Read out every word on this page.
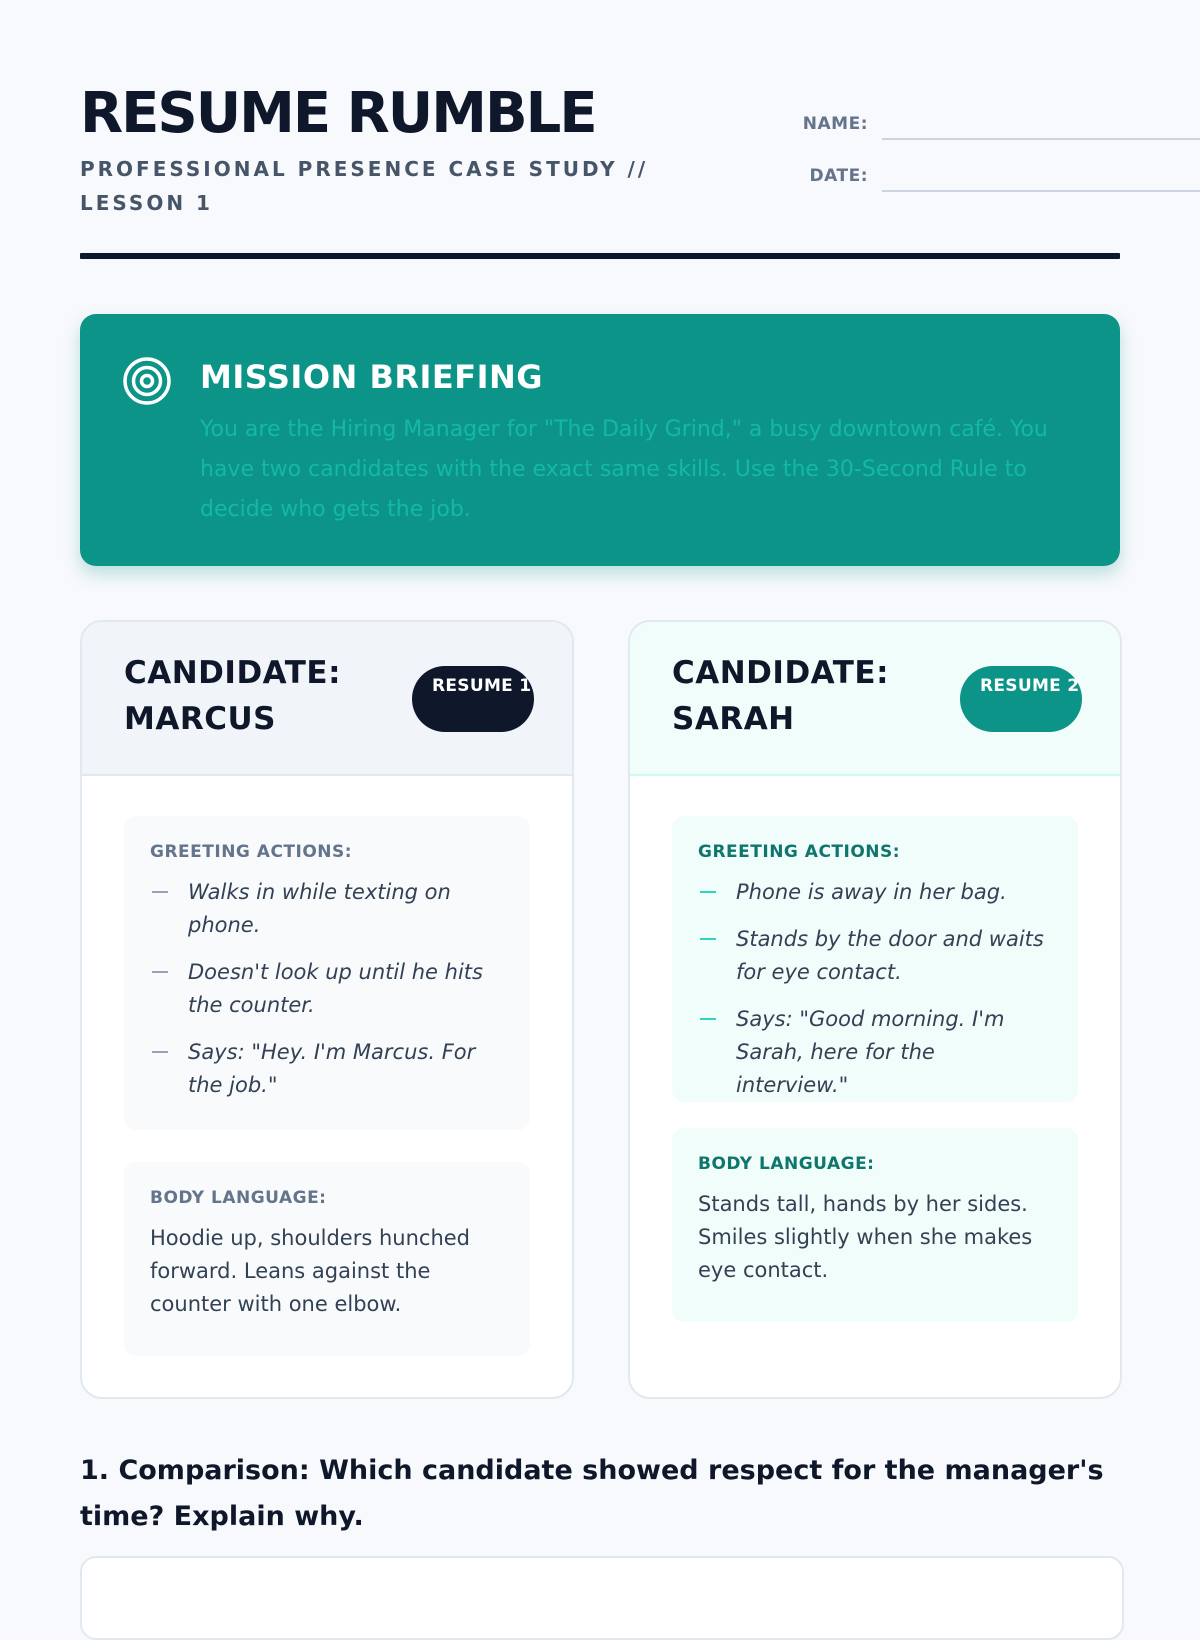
RESUME RUMBLE
PROFESSIONAL PRESENCE CASE STUDY // LESSON 1
NAME:
DATE:
MISSION BRIEFING
You are the Hiring Manager for "The Daily Grind," a busy downtown café. You have two candidates with the exact same skills. Use the 30-Second Rule to decide who gets the job.
CANDIDATE: MARCUS
RESUME 1
GREETING ACTIONS:
Walks in while texting on phone.
Doesn't look up until he hits the counter.
Says: "Hey. I'm Marcus. For the job."
BODY LANGUAGE:
Hoodie up, shoulders hunched forward. Leans against the counter with one elbow.
CANDIDATE: SARAH
RESUME 2
GREETING ACTIONS:
Phone is away in her bag.
Stands by the door and waits for eye contact.
Says: "Good morning. I'm Sarah, here for the interview."
BODY LANGUAGE:
Stands tall, hands by her sides. Smiles slightly when she makes eye contact.
1. Comparison: Which candidate showed respect for the manager's time? Explain why.
